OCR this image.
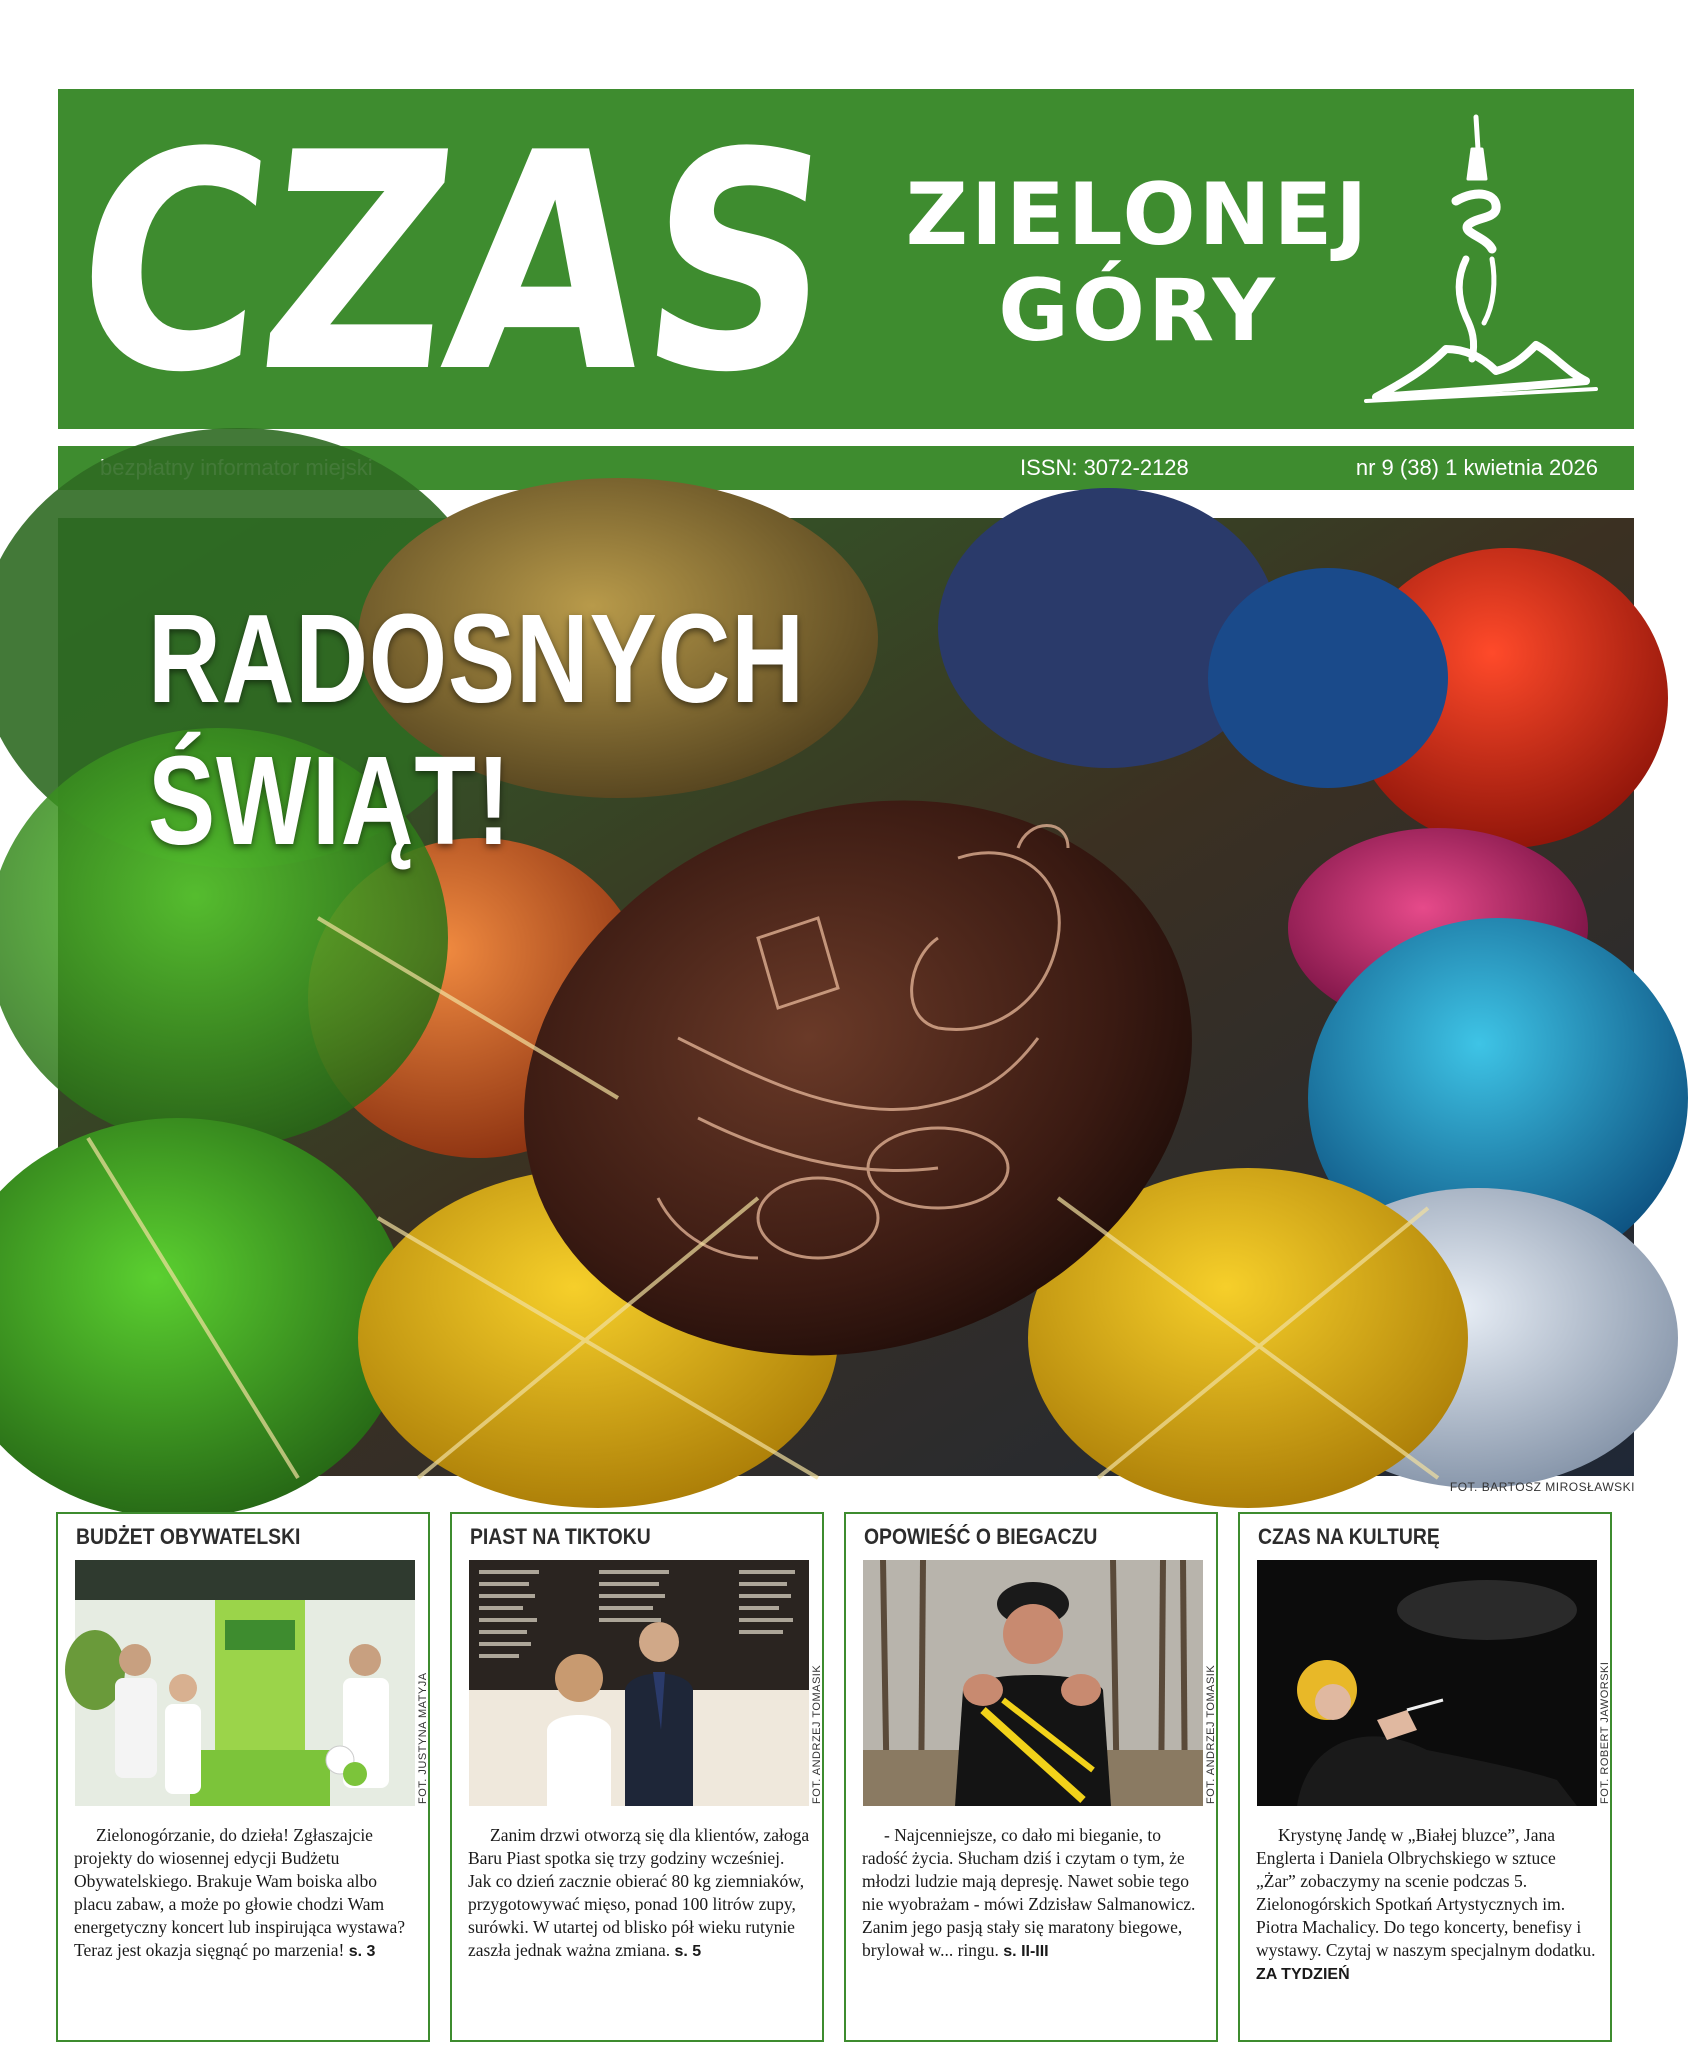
CZAS
ZIELONEJ
GÓRY
ISSN: 3072-2128	nr 9 (38) 1 kwietnia 2026
RADOSNYCH
ŚWIĄT!
FOT. BARTOSZ MIROSŁAWSKI
BUDŻET OBYWATELSKI
FOT. JUSTYNA MATYJA

Zielonogórzanie, do dzieła! Zgłaszajcie projekty do wiosennej edycji Budżetu Obywatelskiego. Brakuje Wam boiska albo placu zabaw, a może po głowie chodzi Wam energetyczny koncert lub inspirująca wystawa? Teraz jest okazja sięgnąć po marzenia! s. 3

PIAST NA TIKTOKU
FOT. ANDRZEJ TOMASIK

Zanim drzwi otworzą się dla klientów, załoga Baru Piast spotka się trzy godziny wcześniej. Jak co dzień zacznie obierać 80 kg ziemniaków, przygotowywać mięso, ponad 100 litrów zupy, surówki. W utartej od blisko pół wieku rutynie zaszła jednak ważna zmiana. s. 5

OPOWIEŚĆ O BIEGACZU
FOT. ANDRZEJ TOMASIK

- Najcenniejsze, co dało mi bieganie, to radość życia. Słucham dziś i czytam o tym, że młodzi ludzie mają depresję. Nawet sobie tego nie wyobrażam - mówi Zdzisław Salmanowicz. Zanim jego pasją stały się maratony biegowe, brylował w... ringu. s. II-III

CZAS NA KULTURĘ
FOT. ROBERT JAWORSKI

Krystynę Jandę w „Białej bluzce”, Jana Englerta i Daniela Olbrychskiego w sztuce „Żar” zobaczymy na scenie podczas 5. Zielonogórskich Spotkań Artystycznych im. Piotra Machalicy. Do tego koncerty, benefisy i wystawy. Czytaj w naszym specjalnym dodatku. ZA TYDZIEŃ
